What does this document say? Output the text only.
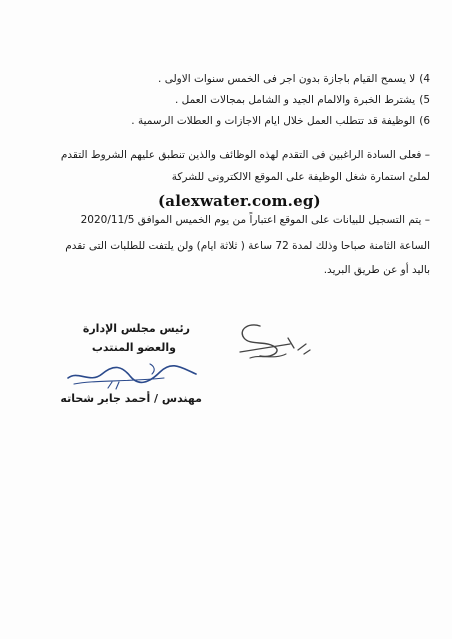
4)لا يسمح القيام باجازة بدون اجر فى الخمس سنوات الاولى .
5)يشترط الخبرة والالمام الجيد و الشامل بمجالات العمل .
6)الوظيفة قد تتطلب العمل خلال ايام الاجازات و العطلات الرسمية .
– فعلى السادة الراغبين فى التقدم لهذه الوظائف والذين تنطبق عليهم الشروط التقدم
لملئ استمارة شغل الوظيفة على الموقع الالكترونى للشركة
(alexwater.com.eg)
– يتم التسجيل للبيانات على الموقع اعتباراً من يوم الخميس الموافق 2020/11/5
الساعة الثامنة صباحا وذلك لمدة 72 ساعة ( ثلاثة ايام) ولن يلتفت للطلبات التى تقدم
باليد أو عن طريق البريد.
رئيس مجلس الإدارة
والعضو المنتدب
مهندس / أحمد جابر شحاته
